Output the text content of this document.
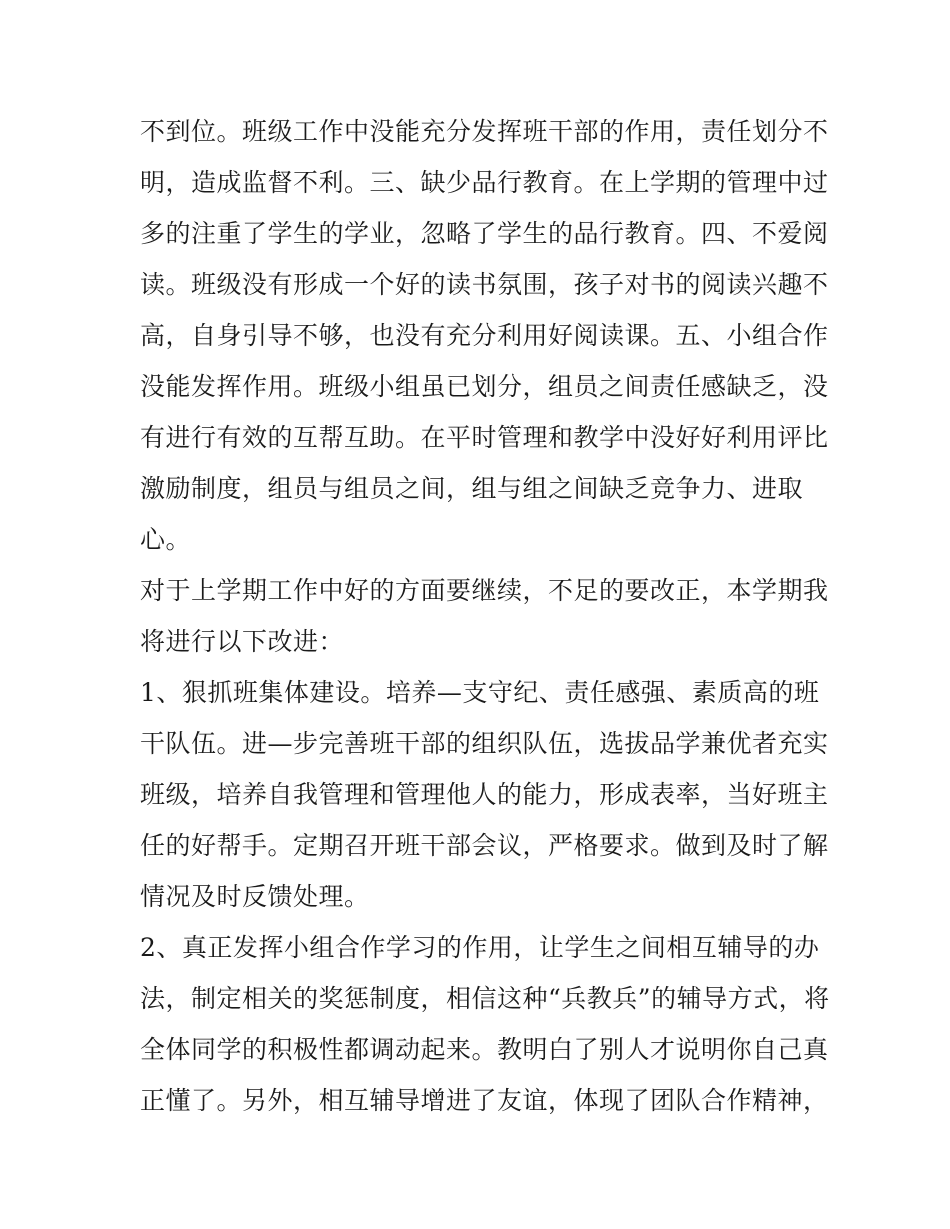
不到位。班级工作中没能充分发挥班干部的作用，责任划分不
明，造成监督不利。三、缺少品行教育。在上学期的管理中过
多的注重了学生的学业，忽略了学生的品行教育。四、不爱阅
读。班级没有形成一个好的读书氛围，孩子对书的阅读兴趣不
高，自身引导不够，也没有充分利用好阅读课。五、小组合作
没能发挥作用。班级小组虽已划分，组员之间责任感缺乏，没
有进行有效的互帮互助。在平时管理和教学中没好好利用评比
激励制度，组员与组员之间，组与组之间缺乏竞争力、进取
心。
对于上学期工作中好的方面要继续，不足的要改正，本学期我
将进行以下改进：
1、狠抓班集体建设。培养—支守纪、责任感强、素质高的班
干队伍。进—步完善班干部的组织队伍，选拔品学兼优者充实
班级，培养自我管理和管理他人的能力，形成表率，当好班主
任的好帮手。定期召开班干部会议，严格要求。做到及时了解
情况及时反馈处理。
2、真正发挥小组合作学习的作用，让学生之间相互辅导的办
法，制定相关的奖惩制度，相信这种“兵教兵”的辅导方式，将
全体同学的积极性都调动起来。教明白了别人才说明你自己真
正懂了。另外，相互辅导增进了友谊，体现了团队合作精神，
